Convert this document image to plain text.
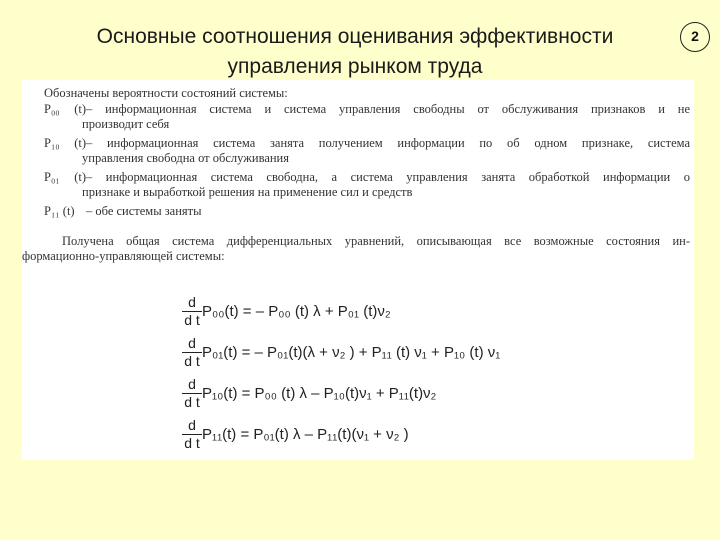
Основные соотношения оценивания эффективности
управления рынком труда
2
Обозначены вероятности состояний системы:
P₀₀ (t)– информационная система и система управления свободны от обслуживания признаков и не
производит себя
P₁₀ (t)– информационная система занята получением информации по об одном признаке, система
управления свободна от обслуживания
P₀₁ (t)– информационная система свободна, а система управления занята обработкой информации о
признаке и выработкой решения на применение сил и средств
P₁₁ (t) – обе системы заняты
Получена общая система дифференциальных уравнений, описывающая все возможные состояния ин-
формационно-управляющей системы:
$\frac{d}{\text{d t}} P_{00}(t)$ = – P₀₀ (t) λ + P₀₁ (t)ν₂
$\frac{d}{\text{d t}} P_{01}(t)$ = – P₀₁(t)(λ + ν₂ ) + P₁₁ (t) ν₁ + P₁₀ (t) ν₁
$\frac{d}{\text{d t}} P_{10}(t) = P_{00}$ (t) λ – P₁₀(t)ν₁ + P₁₁(t)ν₂
$\frac{d}{\text{d t}} P_{11}(t) = P_{01}(t)$ λ – P₁₁(t)(ν₁ + ν₂ )
